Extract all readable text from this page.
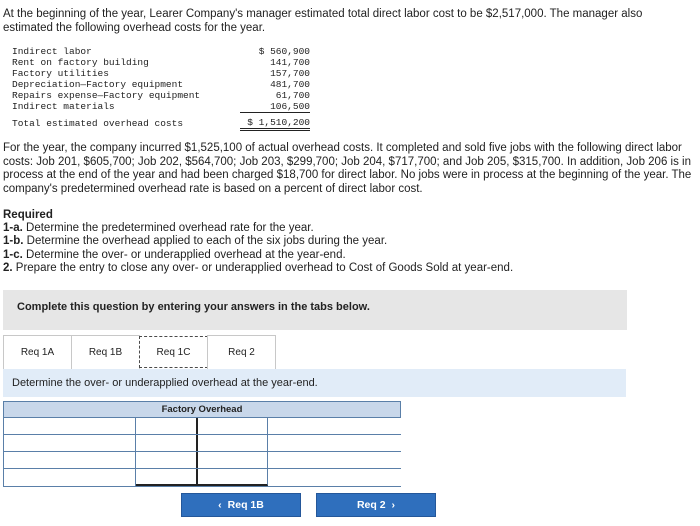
At the beginning of the year, Learer Company's manager estimated total direct labor cost to be $2,517,000. The manager also estimated the following overhead costs for the year.
Indirect labor	$ 560,900
Rent on factory building	141,700
Factory utilities	157,700
Depreciation—Factory equipment	481,700
Repairs expense—Factory equipment	61,700
Indirect materials	106,500
Total estimated overhead costs	$ 1,510,200
For the year, the company incurred $1,525,100 of actual overhead costs. It completed and sold five jobs with the following direct labor costs: Job 201, $605,700; Job 202, $564,700; Job 203, $299,700; Job 204, $717,700; and Job 205, $315,700. In addition, Job 206 is in process at the end of the year and had been charged $18,700 for direct labor. No jobs were in process at the beginning of the year. The company's predetermined overhead rate is based on a percent of direct labor cost.
Required
1-a. Determine the predetermined overhead rate for the year.
1-b. Determine the overhead applied to each of the six jobs during the year.
1-c. Determine the over- or underapplied overhead at the year-end.
2. Prepare the entry to close any over- or underapplied overhead to Cost of Goods Sold at year-end.
Complete this question by entering your answers in the tabs below.
Req 1A	Req 1B	Req 1C	Req 2
Determine the over- or underapplied overhead at the year-end.
Factory Overhead
‹ Req 1B	Req 2 ›
